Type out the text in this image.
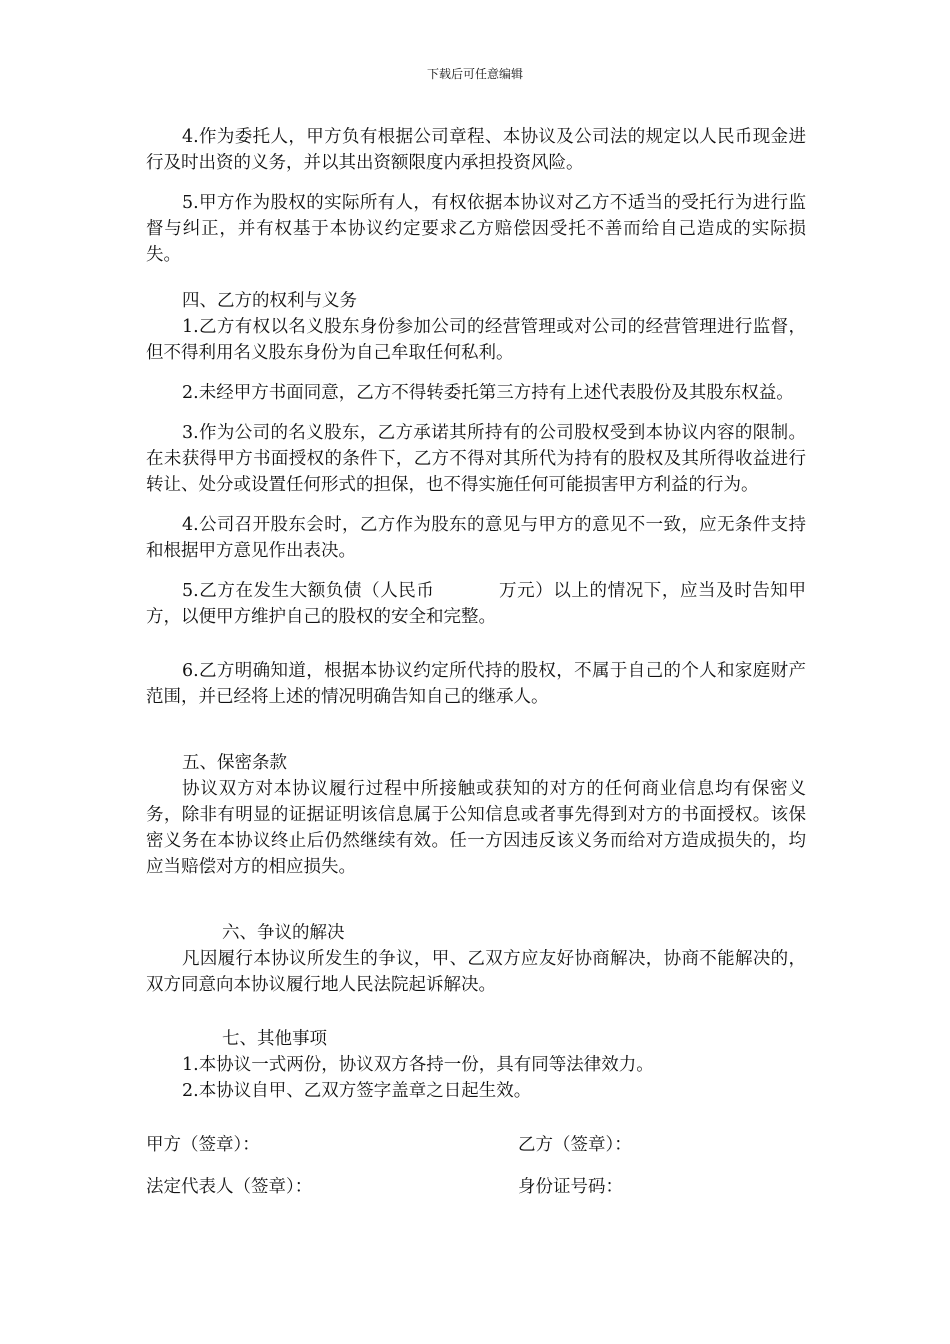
下载后可任意编辑

4.作为委托人，甲方负有根据公司章程、本协议及公司法的规定以人民币现金进行及时出资的义务，并以其出资额限度内承担投资风险。

5.甲方作为股权的实际所有人，有权依据本协议对乙方不适当的受托行为进行监督与纠正，并有权基于本协议约定要求乙方赔偿因受托不善而给自己造成的实际损失。

四、乙方的权利与义务

1.乙方有权以名义股东身份参加公司的经营管理或对公司的经营管理进行监督，但不得利用名义股东身份为自己牟取任何私利。

2.未经甲方书面同意，乙方不得转委托第三方持有上述代表股份及其股东权益。

3.作为公司的名义股东，乙方承诺其所持有的公司股权受到本协议内容的限制。在未获得甲方书面授权的条件下，乙方不得对其所代为持有的股权及其所得收益进行转让、处分或设置任何形式的担保，也不得实施任何可能损害甲方利益的行为。

4.公司召开股东会时，乙方作为股东的意见与甲方的意见不一致，应无条件支持和根据甲方意见作出表决。

5.乙方在发生大额负债（人民币	万元）以上的情况下，应当及时告知甲方，以便甲方维护自己的股权的安全和完整。

6.乙方明确知道，根据本协议约定所代持的股权，不属于自己的个人和家庭财产范围，并已经将上述的情况明确告知自己的继承人。

五、保密条款

协议双方对本协议履行过程中所接触或获知的对方的任何商业信息均有保密义务，除非有明显的证据证明该信息属于公知信息或者事先得到对方的书面授权。该保密义务在本协议终止后仍然继续有效。任一方因违反该义务而给对方造成损失的，均应当赔偿对方的相应损失。

六、争议的解决

凡因履行本协议所发生的争议，甲、乙双方应友好协商解决，协商不能解决的，双方同意向本协议履行地人民法院起诉解决。

七、其他事项

1.本协议一式两份，协议双方各持一份，具有同等法律效力。

2.本协议自甲、乙双方签字盖章之日起生效。

甲方（签章）：	乙方（签章）：
法定代表人（签章）：	身份证号码：
